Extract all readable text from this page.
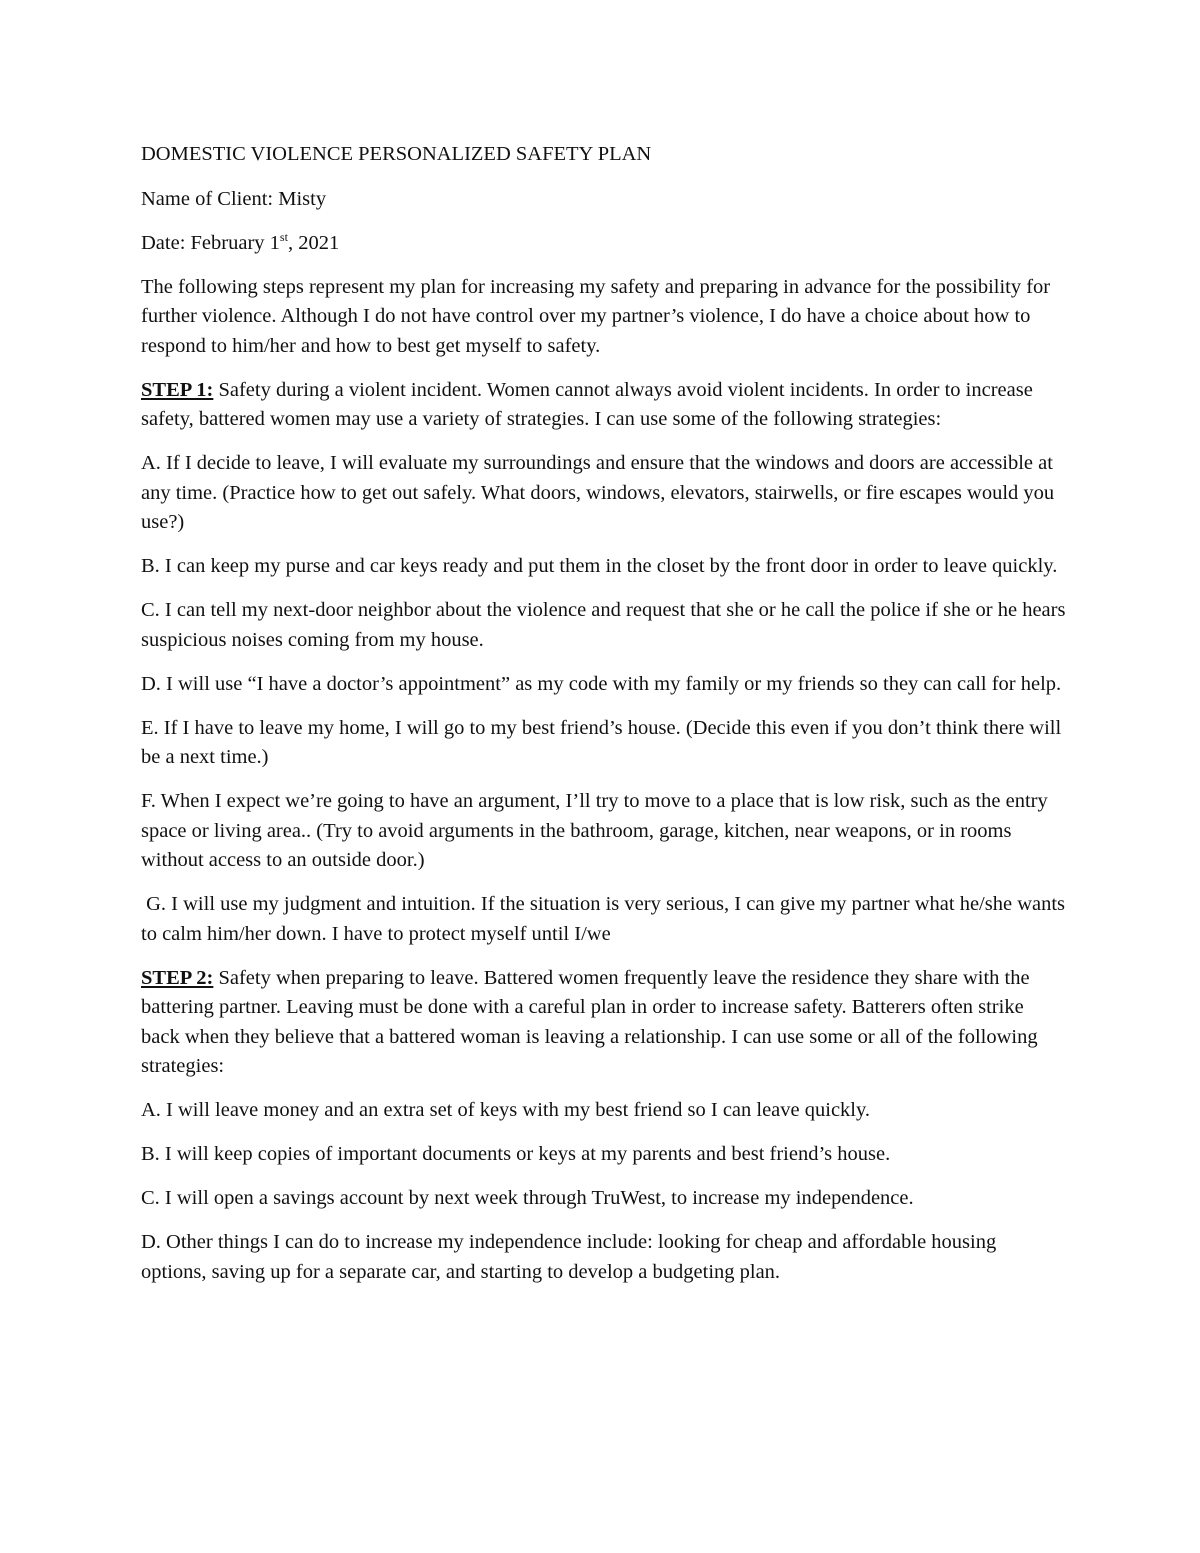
DOMESTIC VIOLENCE PERSONALIZED SAFETY PLAN

Name of Client: Misty

Date: February 1st, 2021

The following steps represent my plan for increasing my safety and preparing in advance for the possibility for further violence. Although I do not have control over my partner’s violence, I do have a choice about how to respond to him/her and how to best get myself to safety.

STEP 1: Safety during a violent incident. Women cannot always avoid violent incidents. In order to increase safety, battered women may use a variety of strategies. I can use some of the following strategies:

A. If I decide to leave, I will evaluate my surroundings and ensure that the windows and doors are accessible at any time. (Practice how to get out safely. What doors, windows, elevators, stairwells, or fire escapes would you use?)

B. I can keep my purse and car keys ready and put them in the closet by the front door in order to leave quickly.

C. I can tell my next-door neighbor about the violence and request that she or he call the police if she or he hears suspicious noises coming from my house.

D. I will use “I have a doctor’s appointment” as my code with my family or my friends so they can call for help.

E. If I have to leave my home, I will go to my best friend’s house. (Decide this even if you don’t think there will be a next time.)

F. When I expect we’re going to have an argument, I’ll try to move to a place that is low risk, such as the entry space or living area.. (Try to avoid arguments in the bathroom, garage, kitchen, near weapons, or in rooms without access to an outside door.)

G. I will use my judgment and intuition. If the situation is very serious, I can give my partner what he/she wants to calm him/her down. I have to protect myself until I/we

STEP 2: Safety when preparing to leave. Battered women frequently leave the residence they share with the battering partner. Leaving must be done with a careful plan in order to increase safety. Batterers often strike back when they believe that a battered woman is leaving a relationship. I can use some or all of the following strategies:

A. I will leave money and an extra set of keys with my best friend so I can leave quickly.

B. I will keep copies of important documents or keys at my parents and best friend’s house.

C. I will open a savings account by next week through TruWest, to increase my independence.

D. Other things I can do to increase my independence include: looking for cheap and affordable housing options, saving up for a separate car, and starting to develop a budgeting plan.
